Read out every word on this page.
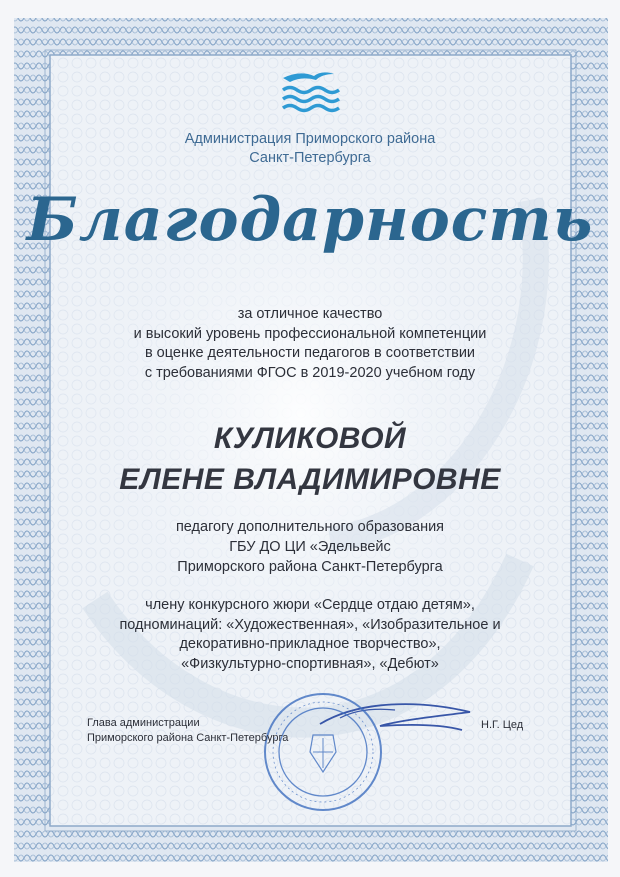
Администрация Приморского района
Санкт-Петербурга
Благодарность
за отличное качество
и высокий уровень профессиональной компетенции
в оценке деятельности педагогов в соответствии
с требованиями ФГОС в 2019-2020 учебном году
КУЛИКОВОЙ
ЕЛЕНЕ ВЛАДИМИРОВНЕ
педагогу дополнительного образования
ГБУ ДО ЦИ «Эдельвейс
Приморского района Санкт-Петербурга
члену конкурсного жюри «Сердце отдаю детям»,
подноминаций: «Художественная», «Изобразительное и
декоративно-прикладное творчество»,
«Физкультурно-спортивная», «Дебют»
Глава администрации
Приморского района Санкт-Петербурга
Н.Г. Цед
